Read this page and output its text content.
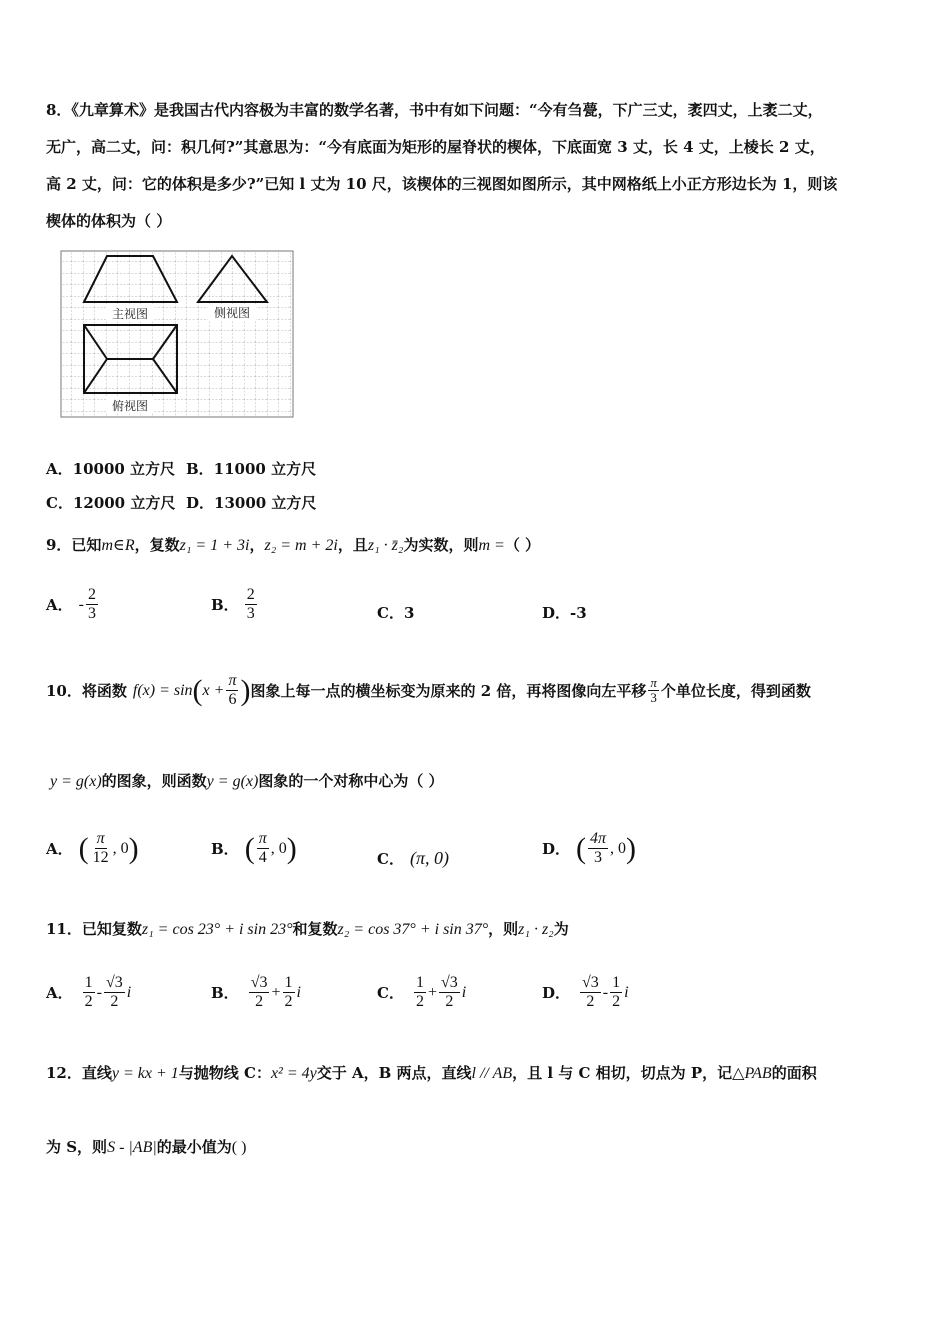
8．《九章算术》是我国古代内容极为丰富的数学名著，书中有如下问题：“今有刍甍，下广三丈，袤四丈，上袤二丈，
无广，高二丈，问：积几何?”其意思为：“今有底面为矩形的屋脊状的楔体，下底面宽 3 丈，长 4 丈，上棱长 2 丈，
高 2 丈，问：它的体积是多少?”已知 l 丈为 10 尺，该楔体的三视图如图所示，其中网格纸上小正方形边长为 1，则该
楔体的体积为（ ）
主视图	侧视图
俯视图
A．10000 立方尺 B．11000 立方尺
C．12000 立方尺 D．13000 立方尺
9．已知m∈R，复数z₁ = 1 + 3i，z₂ = m + 2i，且z₁ · z̄₂为实数，则m =（ ）
A． - $\frac{2}{3}$	B． $\frac{2}{3}$	C． 3	D． -3
10．将函数 f(x) = sin ( $x + \frac{\pi}{6}$ ) 图象上每一点的横坐标变为原来的 2 倍，再将图像向左平移 $\frac{\pi}{3}$ 个单位长度，得到函数
y = g(x)的图象，则函数y = g(x)图象的一个对称中心为（ ）
A． ( $\frac{\pi}{12}$ , 0 )	B． ( $\frac{\pi}{4}$ , 0 )	C． (π, 0)	D． ( $\frac{4\pi}{3}$ , 0 )
11．已知复数z₁ = cos 23° + i sin 23°和复数z₂ = cos 37° + i sin 37°，则z₁ · z₂为
A． $\frac{1}{2} - \frac{√3}{2}$ i	B． $\frac{√3}{2} + \frac{1}{2}$ i	C． $\frac{1}{2} + \frac{√3}{2}$ i	D． $\frac{√3}{2} - \frac{1}{2}$ i
12．直线y = kx + 1与抛物线 C：x² = 4y交于 A，B 两点，直线l // AB，且 l 与 C 相切，切点为 P，记△PAB的面积
为 S，则S - |AB|的最小值为( )
